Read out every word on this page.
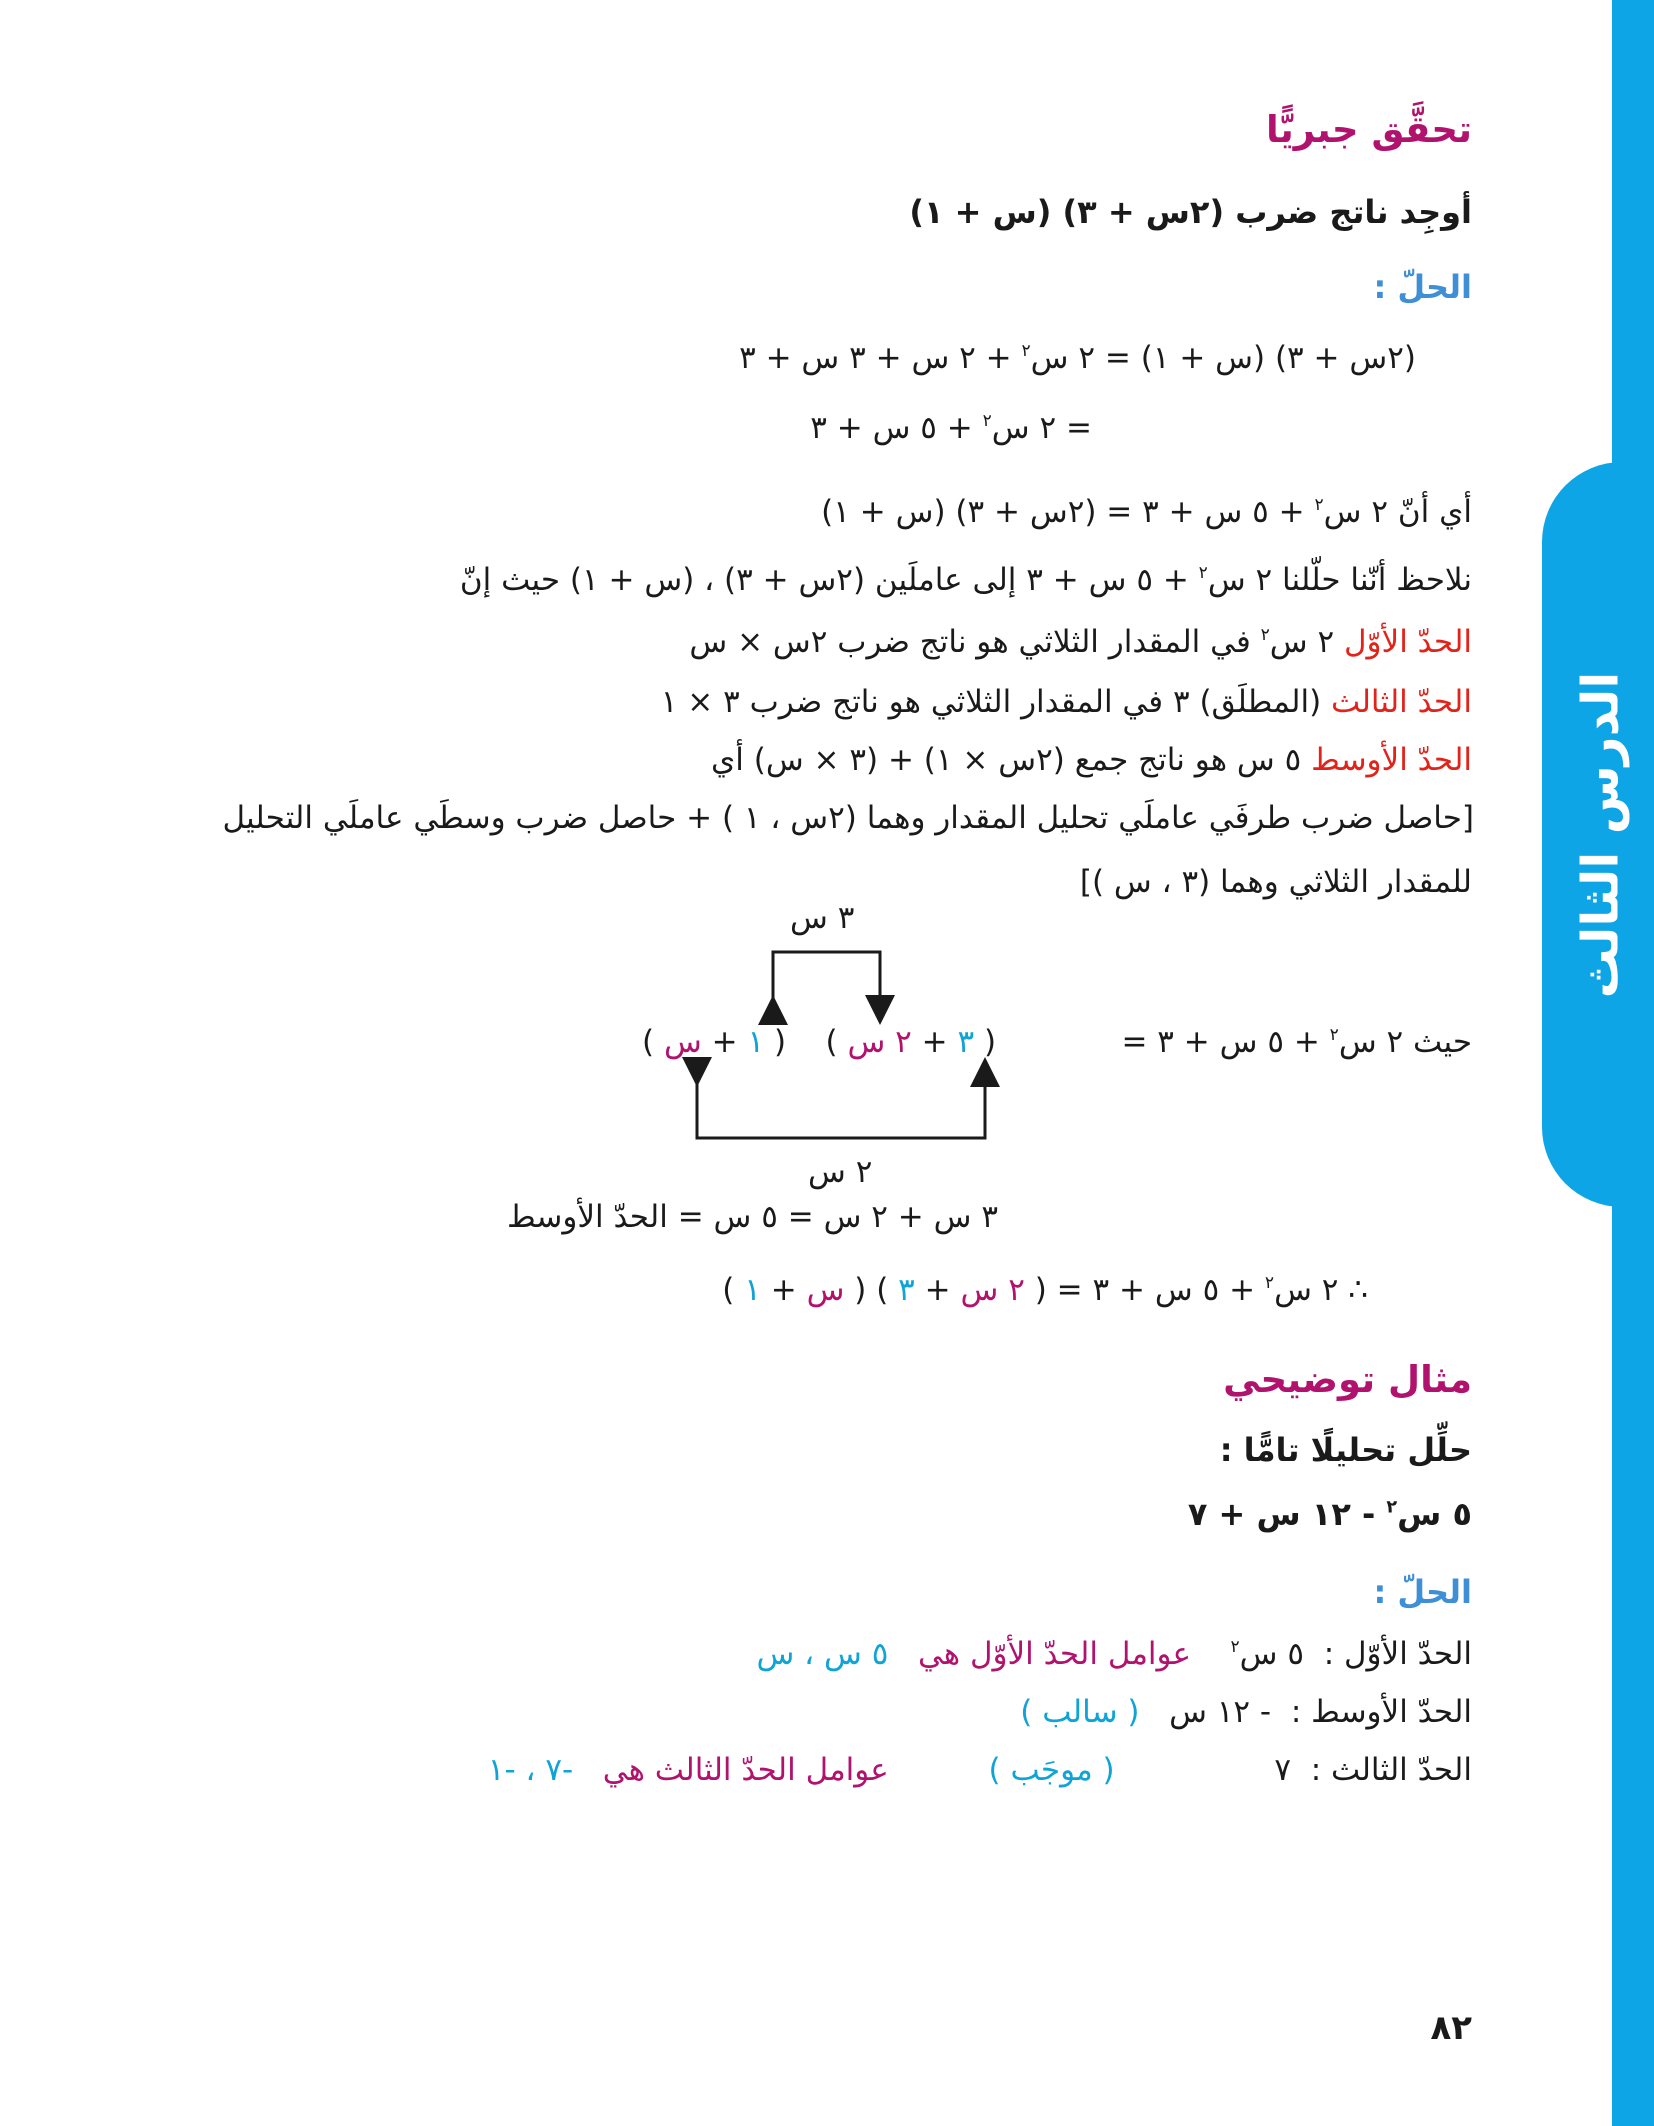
الدرس الثالث
تحقَّق جبريًّا
أوجِد ناتج ضرب (٢س + ٣) (س + ١)
الحلّ :
(٢س + ٣) (س + ١) = ٢ س$^٢$ + ٢ س + ٣ س + ٣
= ٢ س$^٢$ + ٥ س + ٣
أي أنّ ٢ س$^٢$ + ٥ س + ٣ = (٢س + ٣) (س + ١)
نلاحظ أنّنا حلّلنا ٢ س$^٢$ + ٥ س + ٣ إلى عاملَين (٢س + ٣) ، (س + ١) حيث إنّ
الحدّ الأوّل ٢ س$^٢$ في المقدار الثلاثي هو ناتج ضرب ٢س × س
الحدّ الثالث (المطلَق) ٣ في المقدار الثلاثي هو ناتج ضرب ٣ × ١
الحدّ الأوسط ٥ س هو ناتج جمع (٢س × ١) + (٣ × س) أي
[حاصل ضرب طرفَي عاملَي تحليل المقدار وهما (٢س ، ١ ) + حاصل ضرب وسطَي عاملَي التحليل
للمقدار الثلاثي وهما (٣ ، س )]
٣ س
٢ س
حيث ٢ س$^٢$ + ٥ س + ٣ =
(	١ + س ) (	٣ + ٢ س )
٣ س + ٢ س = ٥ س = الحدّ الأوسط
∴ ٢ س$^٢$ + ٥ س + ٣ = ( ٢ س + ٣ ) ( س + ١ )
مثال توضيحي
حلِّل تحليلًا تامًّا :
٥ س$^٢$ - ١٢ س + ٧
الحلّ :
الحدّ الأوّل :  ٥ س$^٢$    عوامل الحدّ الأوّل هي   ٥ س ، س
الحدّ الأوسط :  - ١٢ س   ( سالب )
الحدّ الثالث :  ٧  ( موجَب )  عوامل الحدّ الثالث هي   -٧ ، -١
٨٢
